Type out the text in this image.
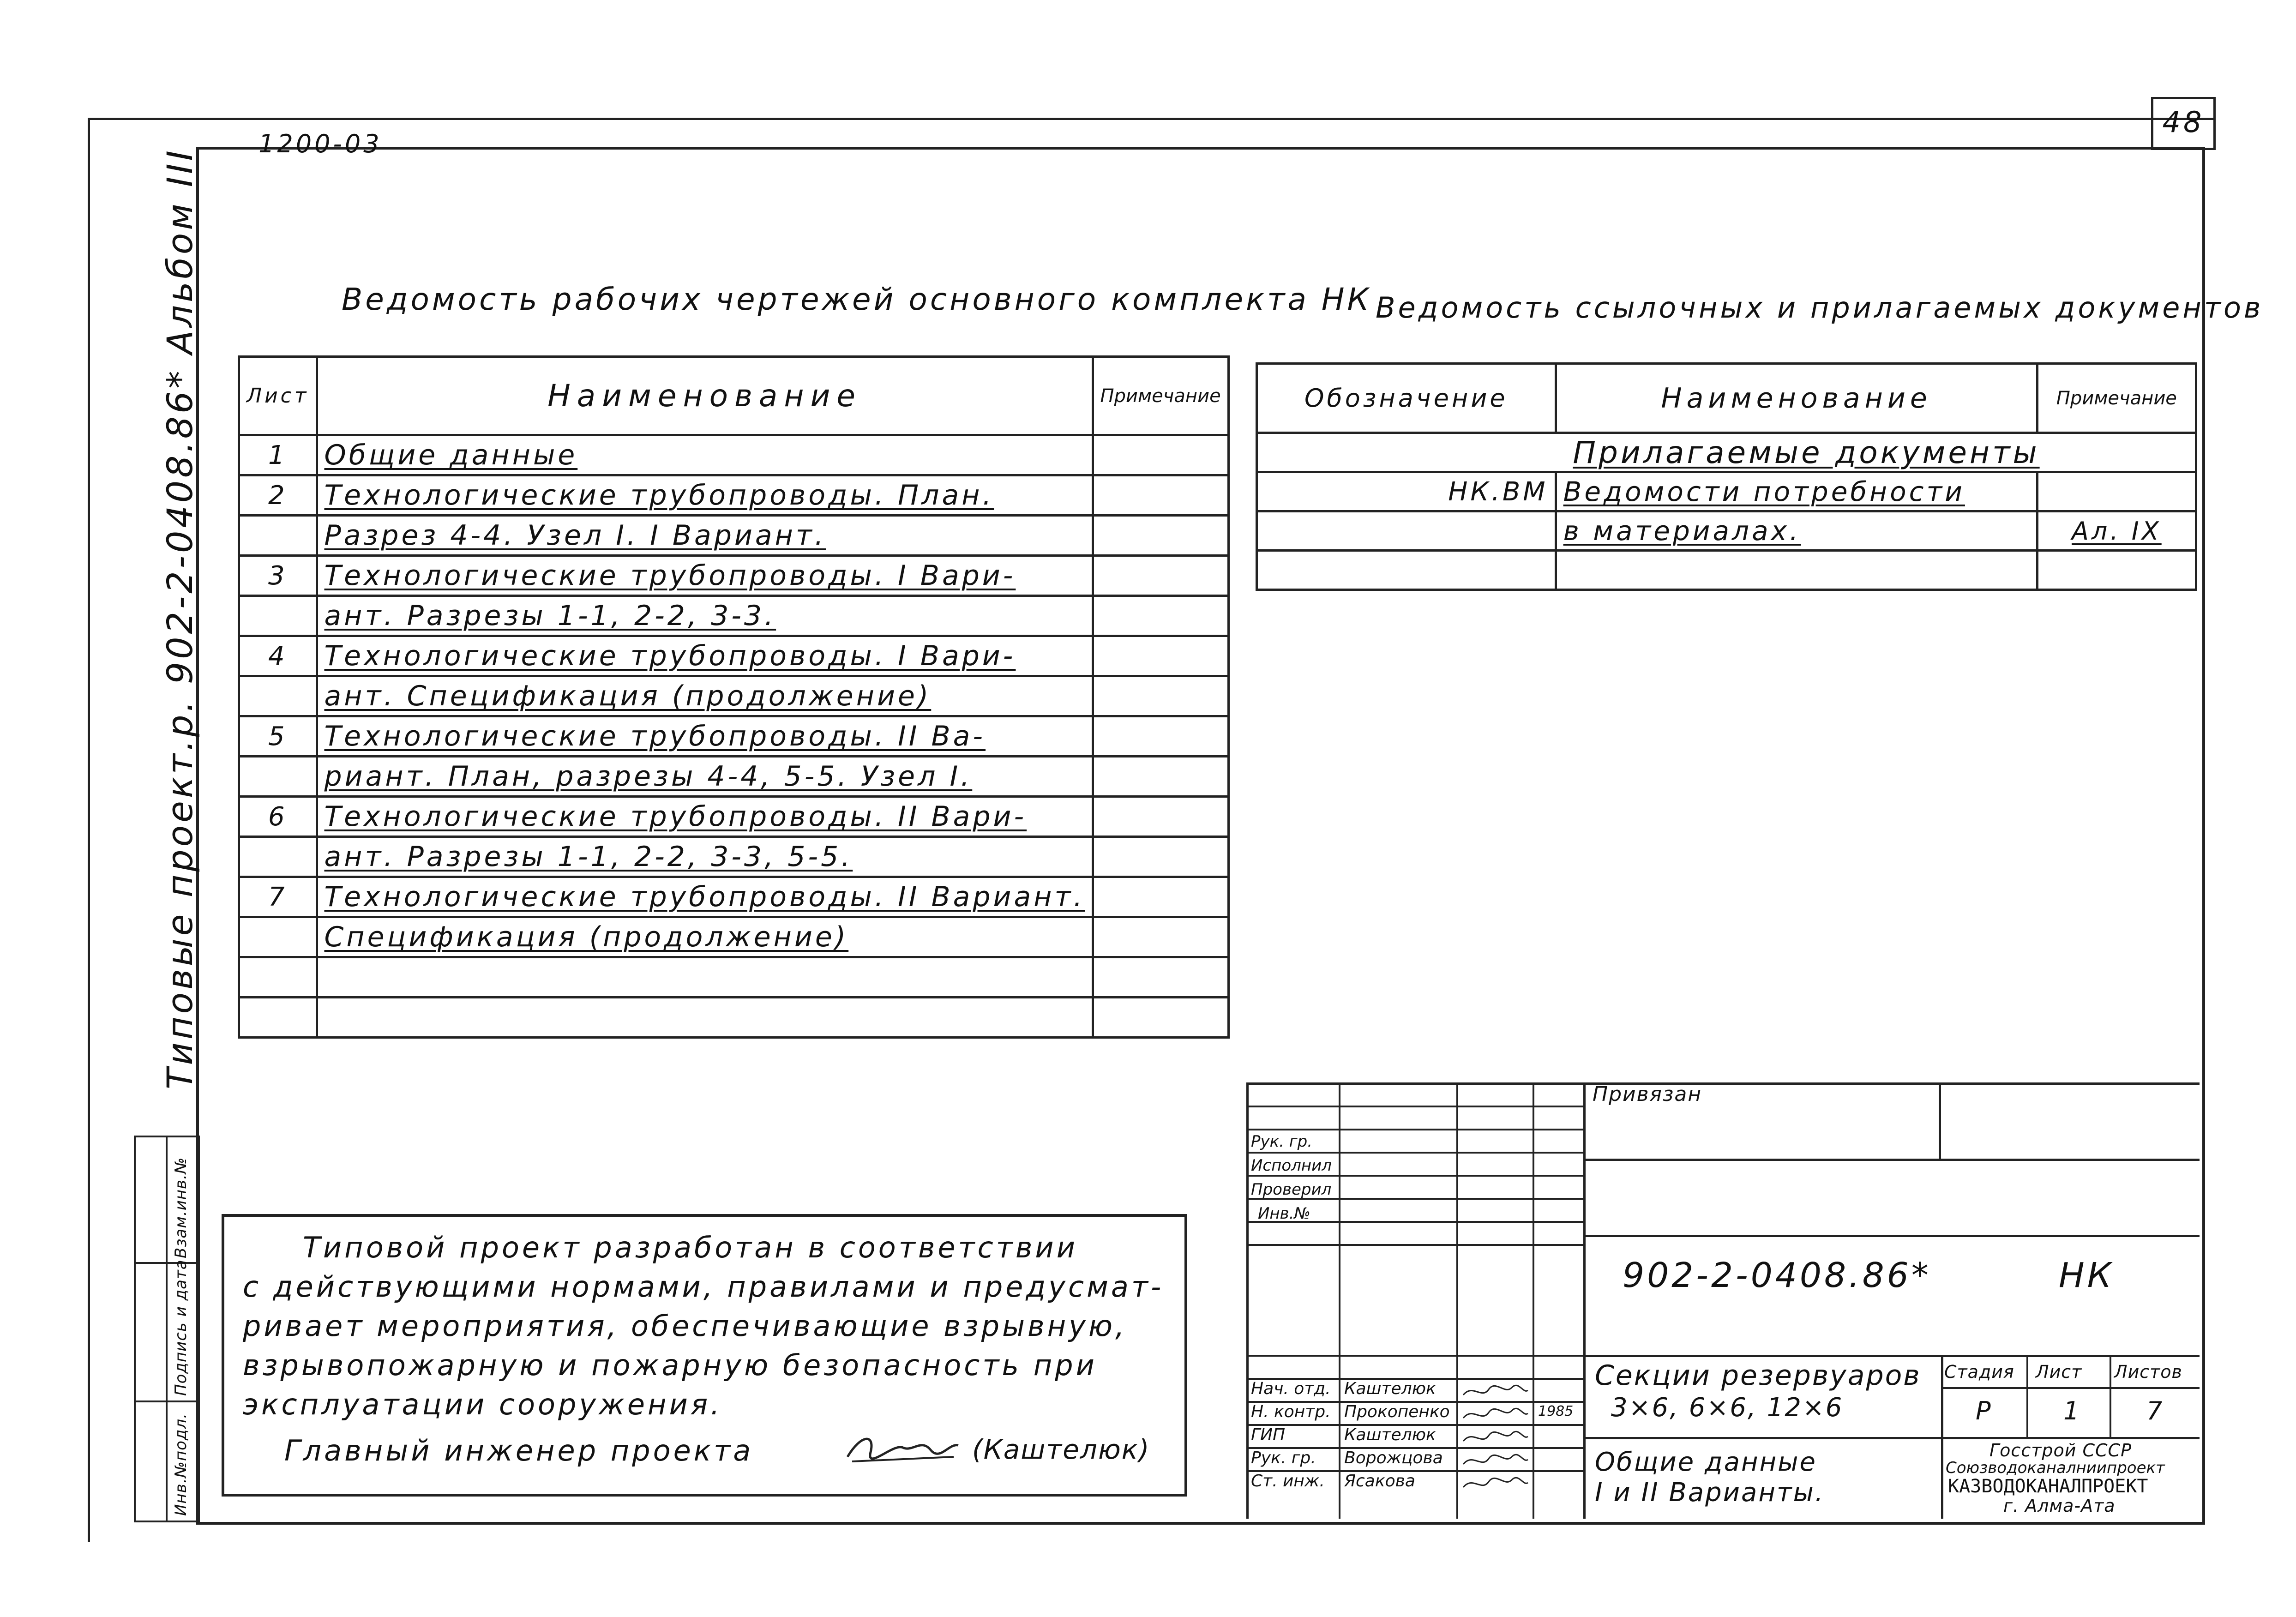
48
1200-03
Типовые проект.р. 902-2-0408.86* Альбом III
Инв.№подл.
Подпись и дата
Взам.инв.№
Ведомость рабочих чертежей основного комплекта НК
Лист	Наименование	Примечание
1	Общие данные	
2	Технологические трубопроводы. План.	
	Разрез 4-4. Узел I. I Вариант.	
3	Технологические трубопроводы. I Вари-	
	ант. Разрезы 1-1, 2-2, 3-3.	
4	Технологические трубопроводы. I Вари-	
	ант. Спецификация (продолжение)	
5	Технологические трубопроводы. II Ва-	
	риант. План, разрезы 4-4, 5-5. Узел I.	
6	Технологические трубопроводы. II Вари-	
	ант. Разрезы 1-1, 2-2, 3-3, 5-5.	
7	Технологические трубопроводы. II Вариант.	
	Спецификация (продолжение)	

Ведомость ссылочных и прилагаемых документов
Обозначение	Наименование	Примечание
Прилагаемые документы		
НК.ВМ	Ведомости потребности	
	в материалах.	Ал. IX

Типовой проект разработан в соответствии
с действующими нормами, правилами и предусмат-
ривает мероприятия, обеспечивающие взрывную,
взрывопожарную и пожарную безопасность при
эксплуатации сооружения.
Главный инженер проекта	(Каштелюк)
Привязан
902-2-0408.86*	НК
Секции резервуаров
3×6, 6×6, 12×6
Общие данные
I и II Варианты.
Стадия Лист Листов
Р	1	7
Госстрой СССР
Союзводоканалниипроект
КАЗВОДОКАНАЛПРОЕКТ
г. Алма-Ата
Рук. гр.
Исполнил
Проверил
Инв.№
Нач. отд. Каштелюк
Н. контр. Прокопенко	1985
ГИП	Каштелюк
Рук. гр. Ворожцова
Ст. инж. Ясакова
